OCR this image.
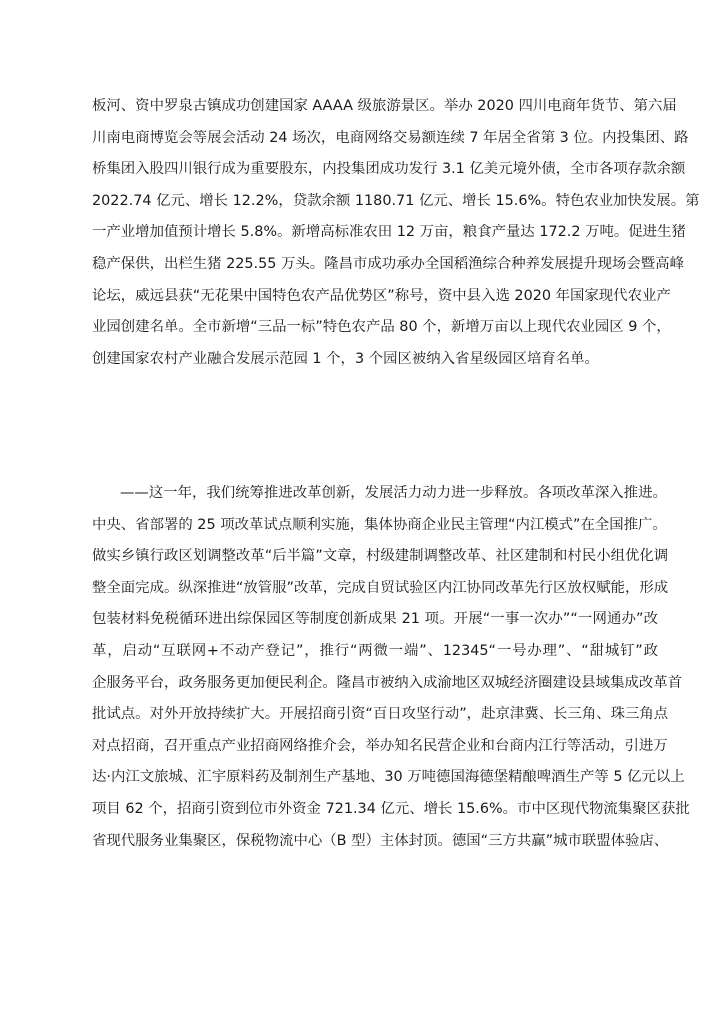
板河、资中罗泉古镇成功创建国家 AAAA 级旅游景区。举办 2020 四川电商年货节、第六届
川南电商博览会等展会活动 24 场次，电商网络交易额连续 7 年居全省第 3 位。内投集团、路
桥集团入股四川银行成为重要股东，内投集团成功发行 3.1 亿美元境外债，全市各项存款余额
2022.74 亿元、增长 12.2%，贷款余额 1180.71 亿元、增长 15.6%。特色农业加快发展。第
一产业增加值预计增长 5.8%。新增高标准农田 12 万亩，粮食产量达 172.2 万吨。促进生猪
稳产保供，出栏生猪 225.55 万头。隆昌市成功承办全国稻渔综合种养发展提升现场会暨高峰
论坛，威远县获“无花果中国特色农产品优势区”称号，资中县入选 2020 年国家现代农业产
业园创建名单。全市新增“三品一标”特色农产品 80 个，新增万亩以上现代农业园区 9 个，
创建国家农村产业融合发展示范园 1 个，3 个园区被纳入省星级园区培育名单。
——这一年，我们统筹推进改革创新，发展活力动力进一步释放。各项改革深入推进。
中央、省部署的 25 项改革试点顺利实施，集体协商企业民主管理“内江模式”在全国推广。
做实乡镇行政区划调整改革“后半篇”文章，村级建制调整改革、社区建制和村民小组优化调
整全面完成。纵深推进“放管服”改革，完成自贸试验区内江协同改革先行区放权赋能，形成
包装材料免税循环进出综保园区等制度创新成果 21 项。开展“一事一次办”“一网通办”改
革，启动“互联网+不动产登记”，推行“两微一端”、12345“一号办理”、“甜城钉”政
企服务平台，政务服务更加便民利企。隆昌市被纳入成渝地区双城经济圈建设县域集成改革首
批试点。对外开放持续扩大。开展招商引资“百日攻坚行动”，赴京津冀、长三角、珠三角点
对点招商，召开重点产业招商网络推介会，举办知名民营企业和台商内江行等活动，引进万
达·内江文旅城、汇宇原料药及制剂生产基地、30 万吨德国海德堡精酿啤酒生产等 5 亿元以上
项目 62 个，招商引资到位市外资金 721.34 亿元、增长 15.6%。市中区现代物流集聚区获批
省现代服务业集聚区，保税物流中心（B 型）主体封顶。德国“三方共赢”城市联盟体验店、
